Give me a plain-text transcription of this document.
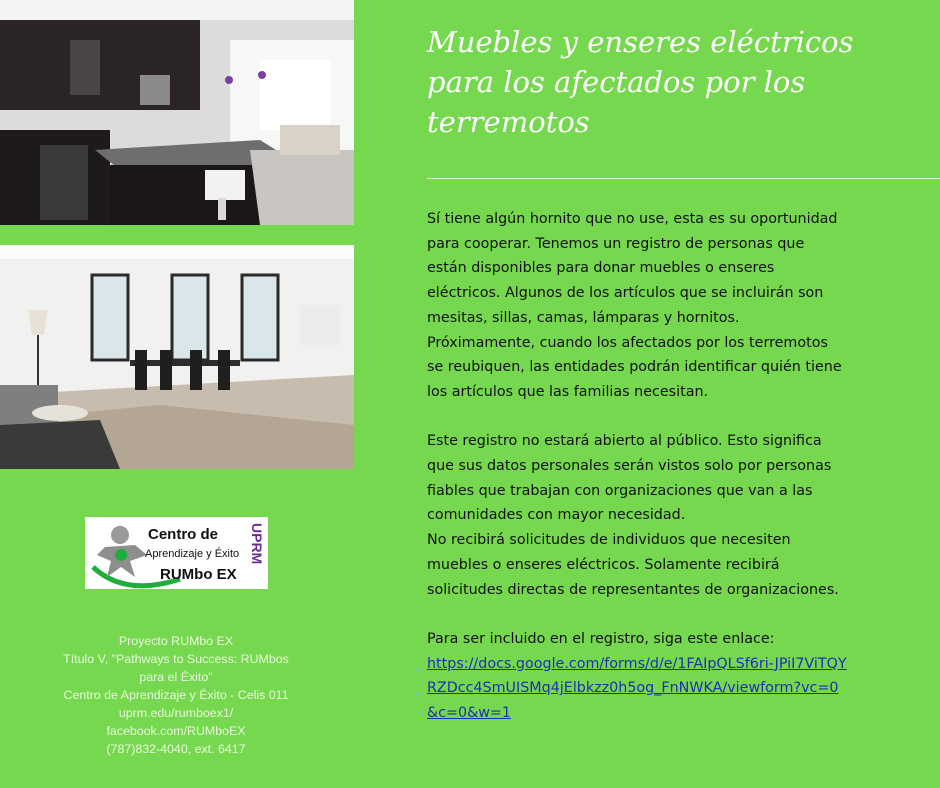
Centro de
Aprendizaje y Éxito
RUMbo EX
UPRM
Proyecto RUMbo EX
Título V, "Pathways to Success: RUMbos
para el Éxito"
Centro de Aprendizaje y Éxito - Celis 011
uprm.edu/rumboex1/
facebook.com/RUMboEX
(787)832-4040, ext. 6417
Muebles y enseres eléctricos para los afectados por los terremotos

Sí tiene algún hornito que no use, esta es su oportunidad para cooperar. Tenemos un registro de personas que están disponibles para donar muebles o enseres eléctricos. Algunos de los artículos que se incluirán son mesitas, sillas, camas, lámparas y hornitos. Próximamente, cuando los afectados por los terremotos se reubiquen, las entidades podrán identificar quién tiene los artículos que las familias necesitan.

Este registro no estará abierto al público. Esto significa que sus datos personales serán vistos solo por personas fiables que trabajan con organizaciones que van a las comunidades con mayor necesidad.

No recibirá solicitudes de individuos que necesiten muebles o enseres eléctricos. Solamente recibirá solicitudes directas de representantes de organizaciones.

Para ser incluido en el registro, siga este enlace:

https://docs.google.com/forms/d/e/1FAIpQLSf6ri-JPiI7ViTQYRZDcc4SmUISMq4jElbkzz0h5og_FnNWKA/viewform?vc=0&c=0&w=1
